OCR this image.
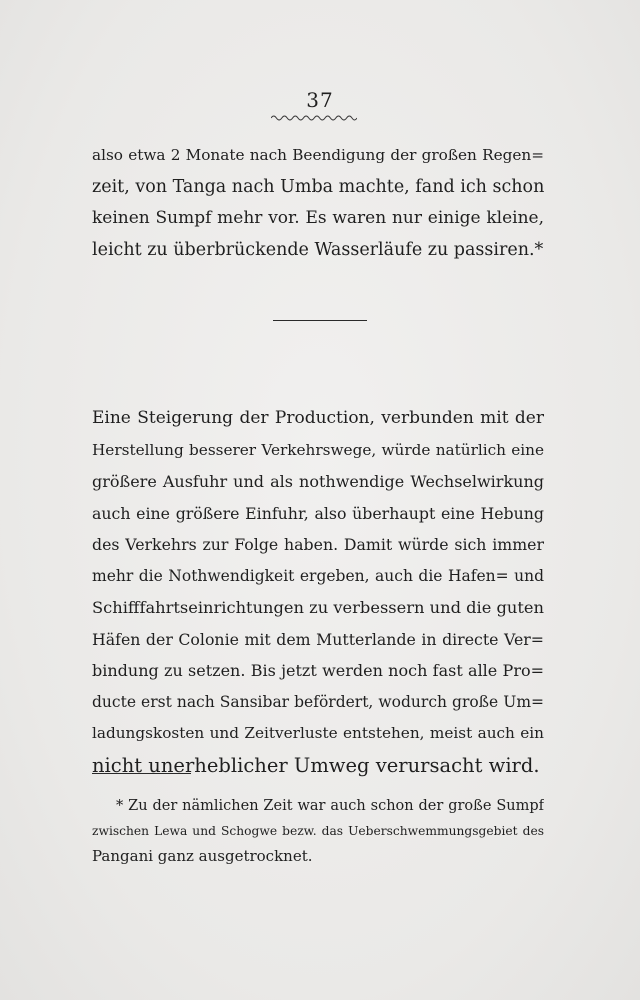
37
also etwa 2 Monate nach Beendigung der großen Regen=
zeit, von Tanga nach Umba machte, fand ich schon
keinen Sumpf mehr vor. Es waren nur einige kleine,
leicht zu überbrückende Wasserläufe zu passiren.*
Eine Steigerung der Production, verbunden mit der
Herstellung besserer Verkehrswege, würde natürlich eine
größere Ausfuhr und als nothwendige Wechselwirkung
auch eine größere Einfuhr, also überhaupt eine Hebung
des Verkehrs zur Folge haben. Damit würde sich immer
mehr die Nothwendigkeit ergeben, auch die Hafen= und
Schifffahrtseinrichtungen zu verbessern und die guten
Häfen der Colonie mit dem Mutterlande in directe Ver=
bindung zu setzen. Bis jetzt werden noch fast alle Pro=
ducte erst nach Sansibar befördert, wodurch große Um=
ladungskosten und Zeitverluste entstehen, meist auch ein
nicht unerheblicher Umweg verursacht wird.
* Zu der nämlichen Zeit war auch schon der große Sumpf
zwischen Lewa und Schogwe bezw. das Ueberschwemmungsgebiet des
Pangani ganz ausgetrocknet.
